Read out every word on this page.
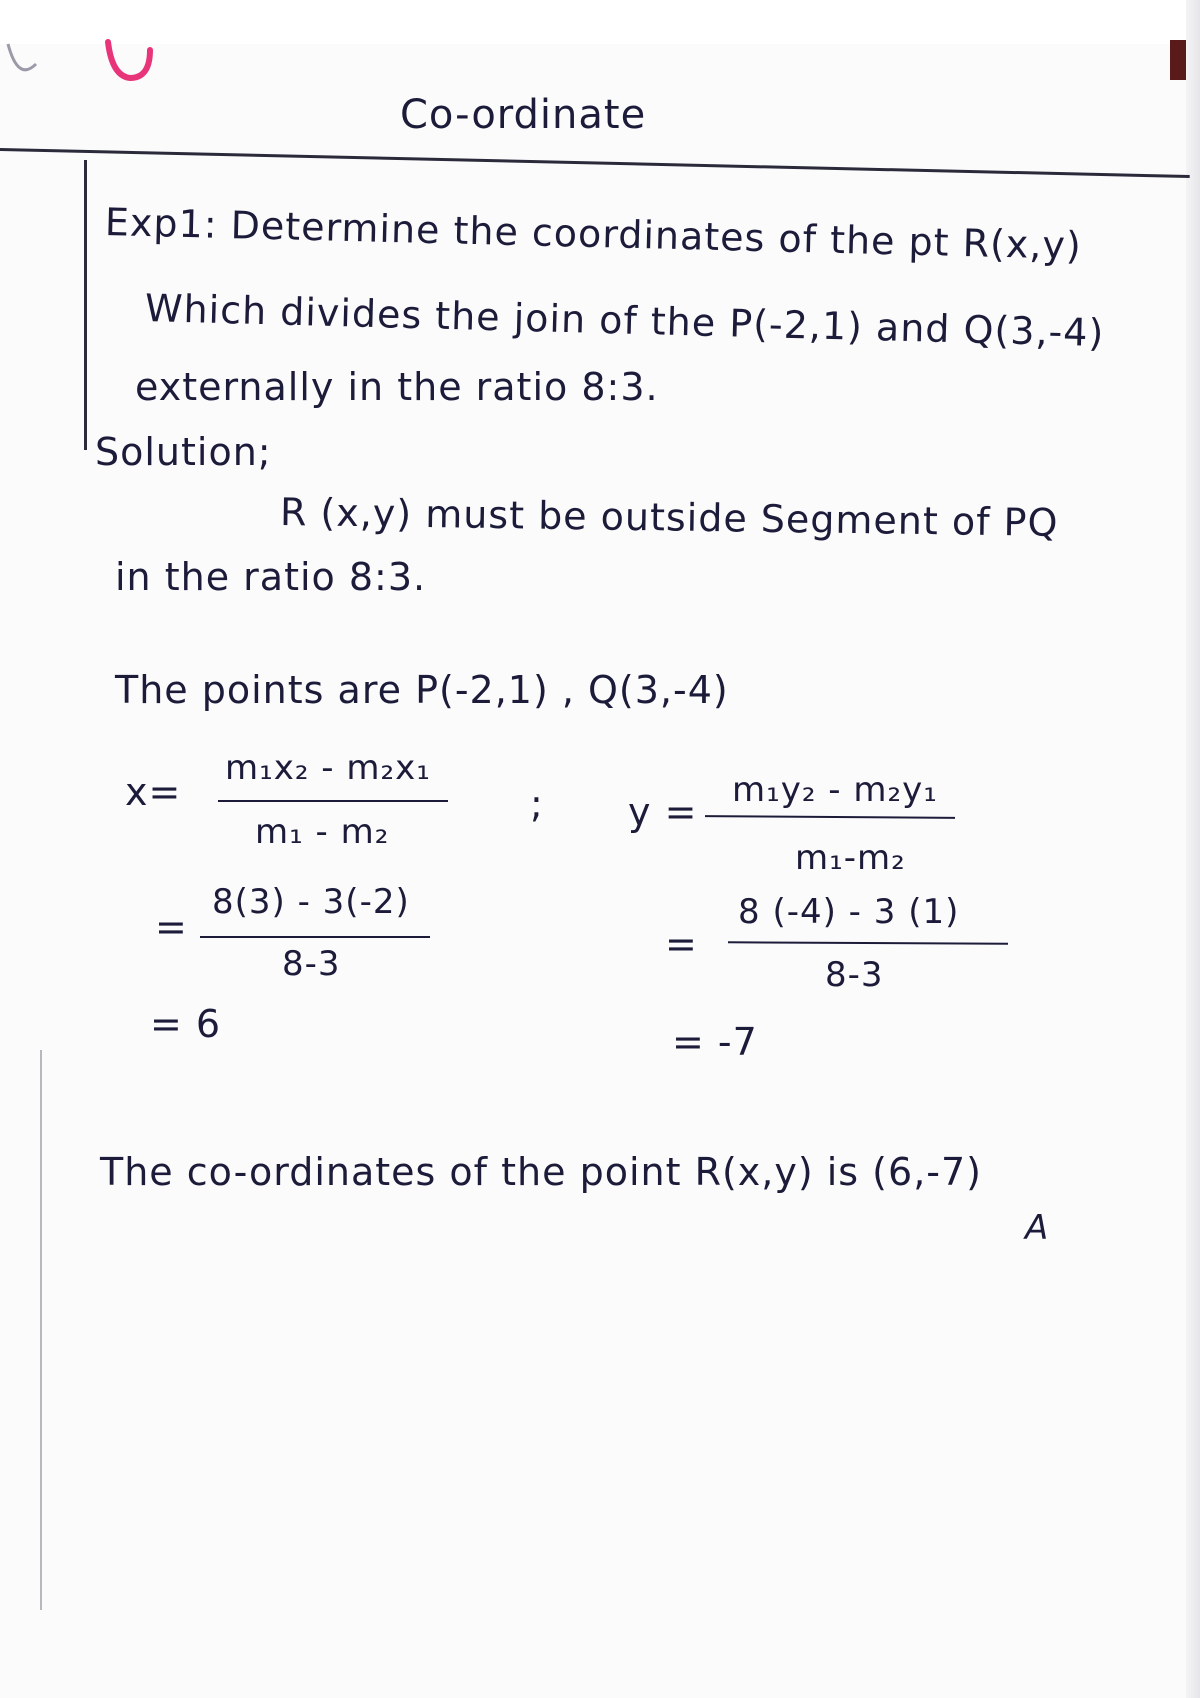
Co-ordinate
Exp1: Determine the coordinates of the pt R(x,y)
Which divides the join of the P(-2,1) and Q(3,-4)
externally in the ratio 8:3.
Solution;
R (x,y) must be outside Segment of PQ
in the ratio 8:3.
The points are P(-2,1) , Q(3,-4)
x=
m₁x₂ - m₂x₁
m₁ - m₂
=
8(3) - 3(-2)
8-3
= 6
; y = m₁y₂ - m₂y₁
m₁-m₂
=
8 (-4) - 3 (1)
8-3
= -7
The co-ordinates of the point R(x,y) is (6,-7)
A
